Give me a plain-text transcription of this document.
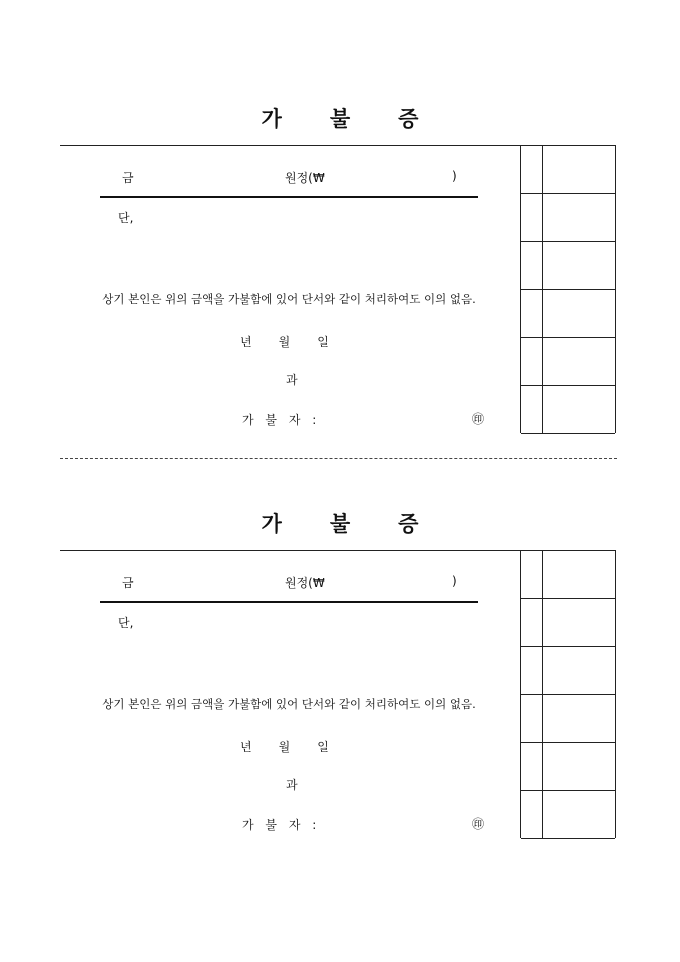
가 불 증
금	원정(₩	)
단,
상기 본인은 위의 금액을 가불함에 있어 단서와 같이 처리하여도 이의 없음.
년 월 일
과
가 불 자 :	㊞
가 불 증
금	원정(₩	)
단,
상기 본인은 위의 금액을 가불함에 있어 단서와 같이 처리하여도 이의 없음.
년 월 일
과
가 불 자 :	㊞
